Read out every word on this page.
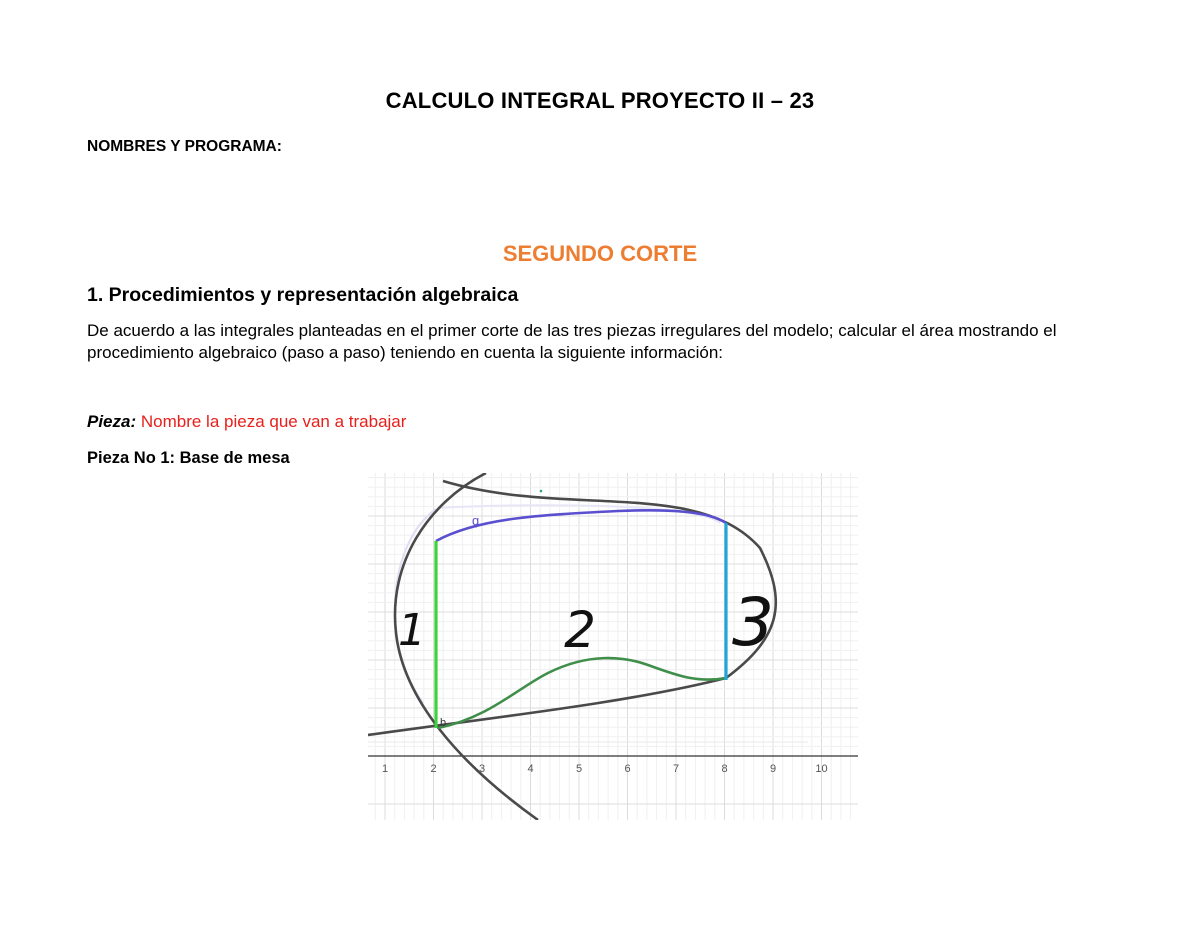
CALCULO INTEGRAL PROYECTO II – 23
NOMBRES Y PROGRAMA:
SEGUNDO CORTE
1. Procedimientos y representación algebraica
De acuerdo a las integrales planteadas en el primer corte de las tres piezas irregulares del modelo; calcular el área mostrando el procedimiento algebraico (paso a paso) teniendo en cuenta la siguiente información:
Pieza: Nombre la pieza que van a trabajar
Pieza No 1: Base de mesa
1	2	3	4	5	6	7	8	9	10
g
b
1	2 3
